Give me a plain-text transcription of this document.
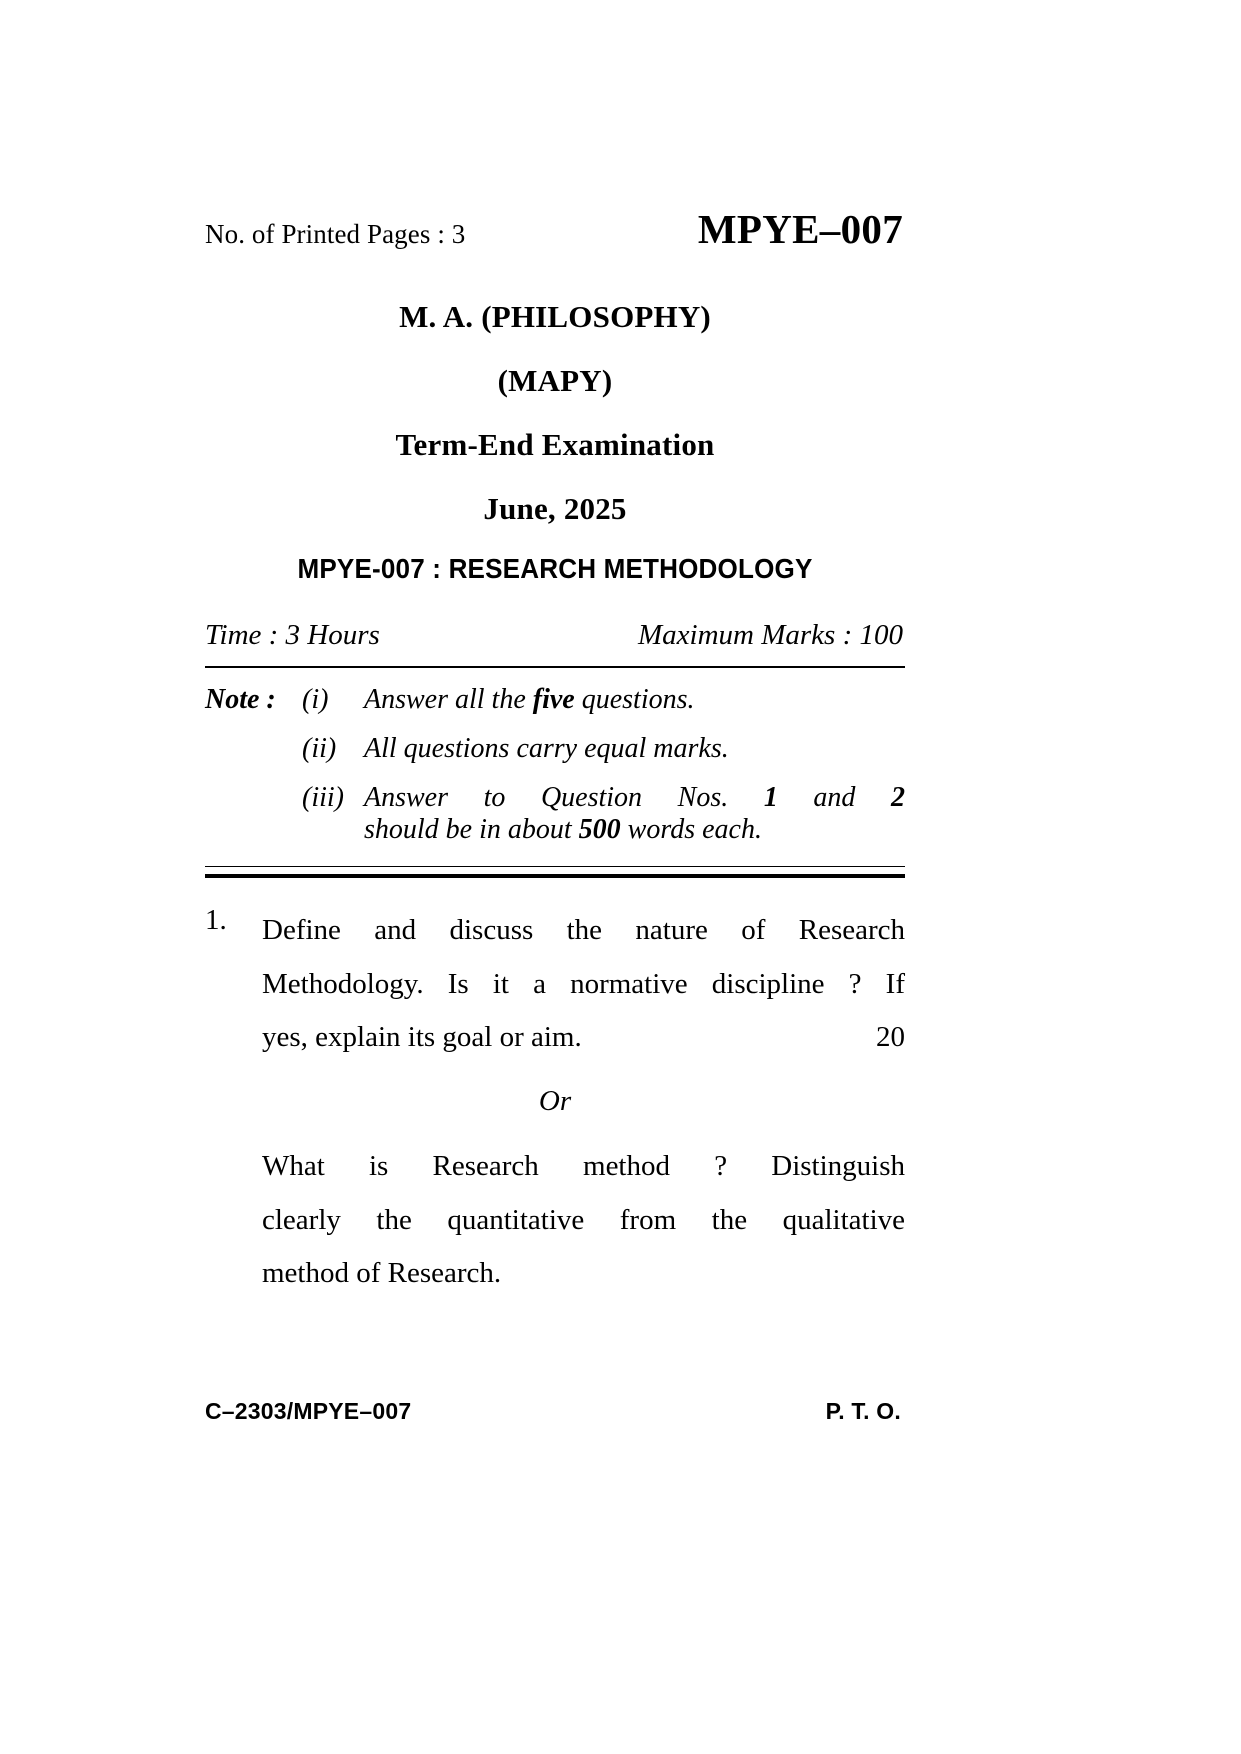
No. of Printed Pages : 3	MPYE–007
M. A. (PHILOSOPHY)
(MAPY)
Term-End Examination
June, 2025
MPYE-007 : RESEARCH METHODOLOGY
Time : 3 Hours	Maximum Marks : 100
Note : (i)	Answer all the five questions.
(ii) All questions carry equal marks.
(iii) Answer to Question Nos. 1 and 2
should be in about 500 words each.
1.	Define and discuss the nature of Research
Methodology. Is it a normative discipline ? If
yes, explain its goal or aim.	20
Or
What is Research method ? Distinguish
clearly the quantitative from the qualitative
method of Research.
C–2303/MPYE–007	P. T. O.
